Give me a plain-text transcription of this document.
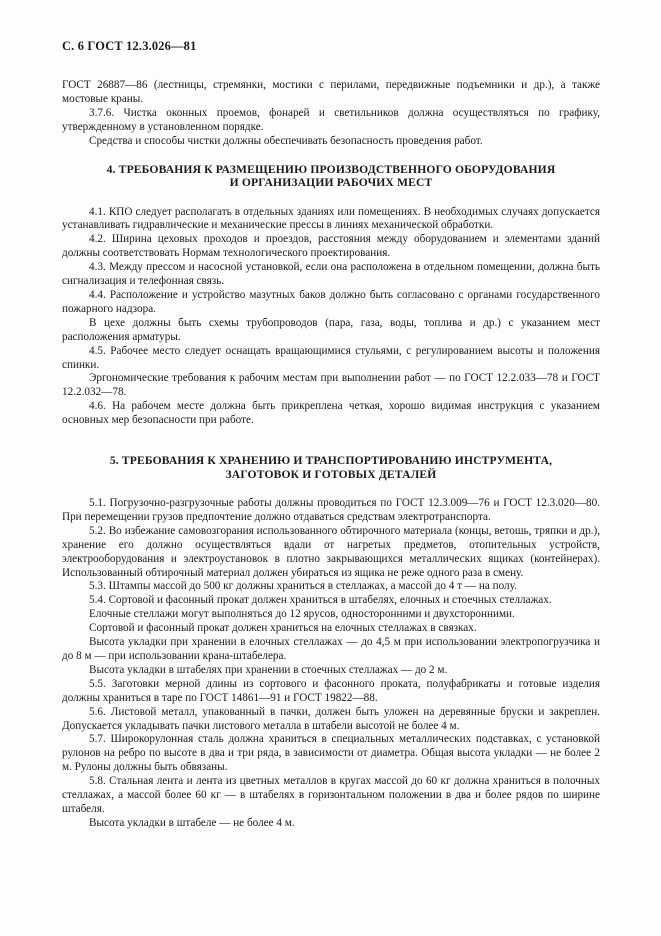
С. 6 ГОСТ 12.3.026—81

ГОСТ 26887—86 (лестницы, стремянки, мостики с перилами, передвижные подъемники и др.), а также мостовые краны.

3.7.6. Чистка оконных проемов, фонарей и светильников должна осуществляться по графику, утвержденному в установленном порядке.

Средства и способы чистки должны обеспечивать безопасность проведения работ.

4. ТРЕБОВАНИЯ К РАЗМЕЩЕНИЮ ПРОИЗВОДСТВЕННОГО ОБОРУДОВАНИЯ
И ОРГАНИЗАЦИИ РАБОЧИХ МЕСТ

4.1. КПО следует располагать в отдельных зданиях или помещениях. В необходимых случаях допускается устанавливать гидравлические и механические прессы в линиях механической обработки.

4.2. Ширина цеховых проходов и проездов, расстояния между оборудованием и элементами зданий должны соответствовать Нормам технологического проектирования.

4.3. Между прессом и насосной установкой, если она расположена в отдельном помещении, должна быть сигнализация и телефонная связь.

4.4. Расположение и устройство мазутных баков должно быть согласовано с органами государственного пожарного надзора.

В цехе должны быть схемы трубопроводов (пара, газа, воды, топлива и др.) с указанием мест расположения арматуры.

4.5. Рабочее место следует оснащать вращающимися стульями, с регулированием высоты и положения спинки.

Эргономические требования к рабочим местам при выполнении работ — по ГОСТ 12.2.033—78 и ГОСТ 12.2.032—78.

4.6. На рабочем месте должна быть прикреплена четкая, хорошо видимая инструкция с указанием основных мер безопасности при работе.

5. ТРЕБОВАНИЯ К ХРАНЕНИЮ И ТРАНСПОРТИРОВАНИЮ ИНСТРУМЕНТА,
ЗАГОТОВОК И ГОТОВЫХ ДЕТАЛЕЙ

5.1. Погрузочно-разгрузочные работы должны проводиться по ГОСТ 12.3.009—76 и ГОСТ 12.3.020—80. При перемещении грузов предпочтение должно отдаваться средствам электротранспорта.

5.2. Во избежание самовозгорания использованного обтирочного материала (концы, ветошь, тряпки и др.), хранение его должно осуществляться вдали от нагретых предметов, отопительных устройств, электрооборудования и электроустановок в плотно закрывающихся металлических ящиках (контейнерах). Использованный обтирочный материал должен убираться из ящика не реже одного раза в смену.

5.3. Штампы массой до 500 кг должны храниться в стеллажах, а массой до 4 т — на полу.

5.4. Сортовой и фасонный прокат должен храниться в штабелях, елочных и стоечных стеллажах.

Елочные стеллажи могут выполняться до 12 ярусов, односторонними и двухсторонними.

Сортовой и фасонный прокат должен храниться на елочных стеллажах в связках.

Высота укладки при хранении в елочных стеллажах — до 4,5 м при использовании электропогрузчика и до 8 м — при использовании крана-штабелера.

Высота укладки в штабелях при хранении в стоечных стеллажах — до 2 м.

5.5. Заготовки мерной длины из сортового и фасонного проката, полуфабрикаты и готовые изделия должны храниться в таре по ГОСТ 14861—91 и ГОСТ 19822—88.

5.6. Листовой металл, упакованный в пачки, должен быть уложен на деревянные бруски и закреплен. Допускается укладывать пачки листового металла в штабели высотой не более 4 м.

5.7. Широкорулонная сталь должна храниться в специальных металлических подставках, с установкой рулонов на ребро по высоте в два и три ряда, в зависимости от диаметра. Общая высота укладки — не более 2 м. Рулоны должны быть обвязаны.

5.8. Стальная лента и лента из цветных металлов в кругах массой до 60 кг должна храниться в полочных стеллажах, а массой более 60 кг — в штабелях в горизонтальном положении в два и более рядов по ширине штабеля.

Высота укладки в штабеле — не более 4 м.
